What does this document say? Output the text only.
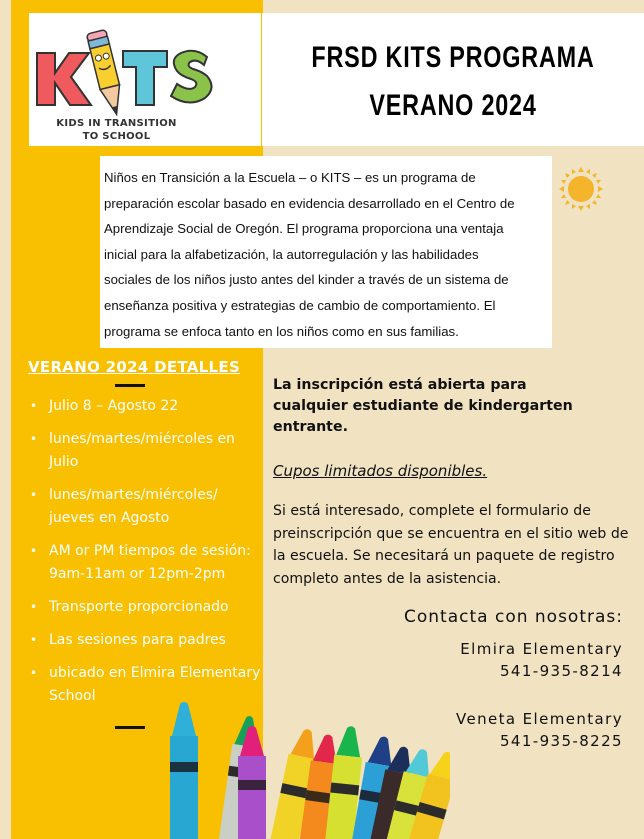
KIDS IN TRANSITION
TO SCHOOL
FRSD KITS PROGRAMA
VERANO 2024
Niños en Transición a la Escuela – o KITS – es un programa de
preparación escolar basado en evidencia desarrollado en el Centro de
Aprendizaje Social de Oregón. El programa proporciona una ventaja
inicial para la alfabetización, la autorregulación y las habilidades
sociales de los niños justo antes del kinder a través de un sistema de
enseñanza positiva y estrategias de cambio de comportamiento. El
programa se enfoca tanto en los niños como en sus familias.
VERANO 2024 DETALLES
• Julio 8 – Agosto 22
• lunes/martes/miércoles en Julio
• lunes/martes/miércoles/ jueves en Agosto
• AM or PM tiempos de sesión: 9am-11am or 12pm-2pm
• Transporte proporcionado
• Las sesiones para padres
• ubicado en Elmira Elementary School
La inscripción está abierta para cualquier estudiante de kindergarten entrante.
Cupos limitados disponibles.
Si está interesado, complete el formulario de preinscripción que se encuentra en el sitio web de la escuela. Se necesitará un paquete de registro completo antes de la asistencia.
Contacta con nosotras:
Elmira Elementary
541-935-8214
Veneta Elementary
541-935-8225
